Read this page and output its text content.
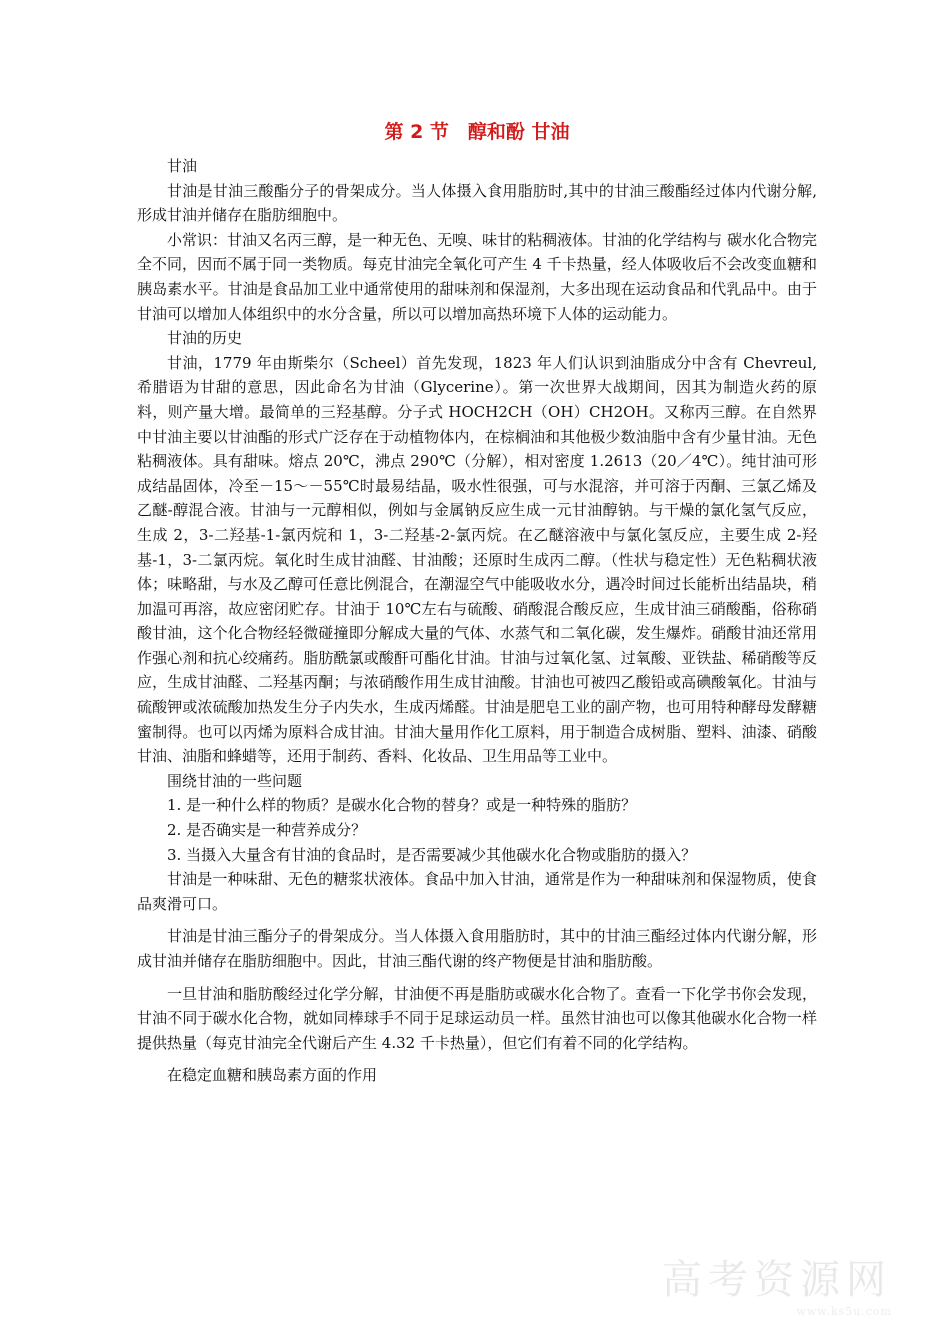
第 2 节　醇和酚 甘油

甘油

甘油是甘油三酸酯分子的骨架成分。当人体摄入食用脂肪时,其中的甘油三酸酯经过体内代谢分解,形成甘油并储存在脂肪细胞中。

小常识：甘油又名丙三醇，是一种无色、无嗅、味甘的粘稠液体。甘油的化学结构与 碳水化合物完全不同，因而不属于同一类物质。每克甘油完全氧化可产生 4 千卡热量，经人体吸收后不会改变血糖和胰岛素水平。甘油是食品加工业中通常使用的甜味剂和保湿剂，大多出现在运动食品和代乳品中。由于甘油可以增加人体组织中的水分含量，所以可以增加高热环境下人体的运动能力。

甘油的历史

甘油，1779 年由斯柴尔（Scheel）首先发现，1823 年人们认识到油脂成分中含有 Chevreul,希腊语为甘甜的意思，因此命名为甘油（Glycerine）。第一次世界大战期间，因其为制造火药的原料，则产量大增。最简单的三羟基醇。分子式 HOCH2CH（OH）CH2OH。又称丙三醇。在自然界中甘油主要以甘油酯的形式广泛存在于动植物体内，在棕榈油和其他极少数油脂中含有少量甘油。无色粘稠液体。具有甜味。熔点 20℃，沸点 290℃（分解），相对密度 1.2613（20／4℃）。纯甘油可形成结晶固体，冷至－15～－55℃时最易结晶，吸水性很强，可与水混溶，并可溶于丙酮、三氯乙烯及乙醚-醇混合液。甘油与一元醇相似，例如与金属钠反应生成一元甘油醇钠。与干燥的氯化氢气反应，生成 2，3-二羟基-1-氯丙烷和 1，3-二羟基-2-氯丙烷。在乙醚溶液中与氯化氢反应，主要生成 2-羟基-1，3-二氯丙烷。氧化时生成甘油醛、甘油酸；还原时生成丙二醇。（性状与稳定性）无色粘稠状液体；味略甜，与水及乙醇可任意比例混合，在潮湿空气中能吸收水分，遇冷时间过长能析出结晶块，稍加温可再溶，故应密闭贮存。甘油于 10℃左右与硫酸、硝酸混合酸反应，生成甘油三硝酸酯，俗称硝酸甘油，这个化合物经轻微碰撞即分解成大量的气体、水蒸气和二氧化碳，发生爆炸。硝酸甘油还常用作强心剂和抗心绞痛药。脂肪酰氯或酸酐可酯化甘油。甘油与过氧化氢、过氧酸、亚铁盐、稀硝酸等反应，生成甘油醛、二羟基丙酮；与浓硝酸作用生成甘油酸。甘油也可被四乙酸铅或高碘酸氧化。甘油与硫酸钾或浓硫酸加热发生分子内失水，生成丙烯醛。甘油是肥皂工业的副产物，也可用特种酵母发酵糖蜜制得。也可以丙烯为原料合成甘油。甘油大量用作化工原料，用于制造合成树脂、塑料、油漆、硝酸甘油、油脂和蜂蜡等，还用于制药、香料、化妆品、卫生用品等工业中。

围绕甘油的一些问题

1. 是一种什么样的物质？是碳水化合物的替身？或是一种特殊的脂肪？

2. 是否确实是一种营养成分？

3. 当摄入大量含有甘油的食品时，是否需要减少其他碳水化合物或脂肪的摄入？

甘油是一种味甜、无色的糖浆状液体。食品中加入甘油，通常是作为一种甜味剂和保湿物质，使食品爽滑可口。

甘油是甘油三酯分子的骨架成分。当人体摄入食用脂肪时，其中的甘油三酯经过体内代谢分解，形成甘油并储存在脂肪细胞中。因此，甘油三酯代谢的终产物便是甘油和脂肪酸。

一旦甘油和脂肪酸经过化学分解，甘油便不再是脂肪或碳水化合物了。查看一下化学书你会发现，甘油不同于碳水化合物，就如同棒球手不同于足球运动员一样。虽然甘油也可以像其他碳水化合物一样提供热量（每克甘油完全代谢后产生 4.32 千卡热量），但它们有着不同的化学结构。

在稳定血糖和胰岛素方面的作用

高考资源网
www.ks5u.com
